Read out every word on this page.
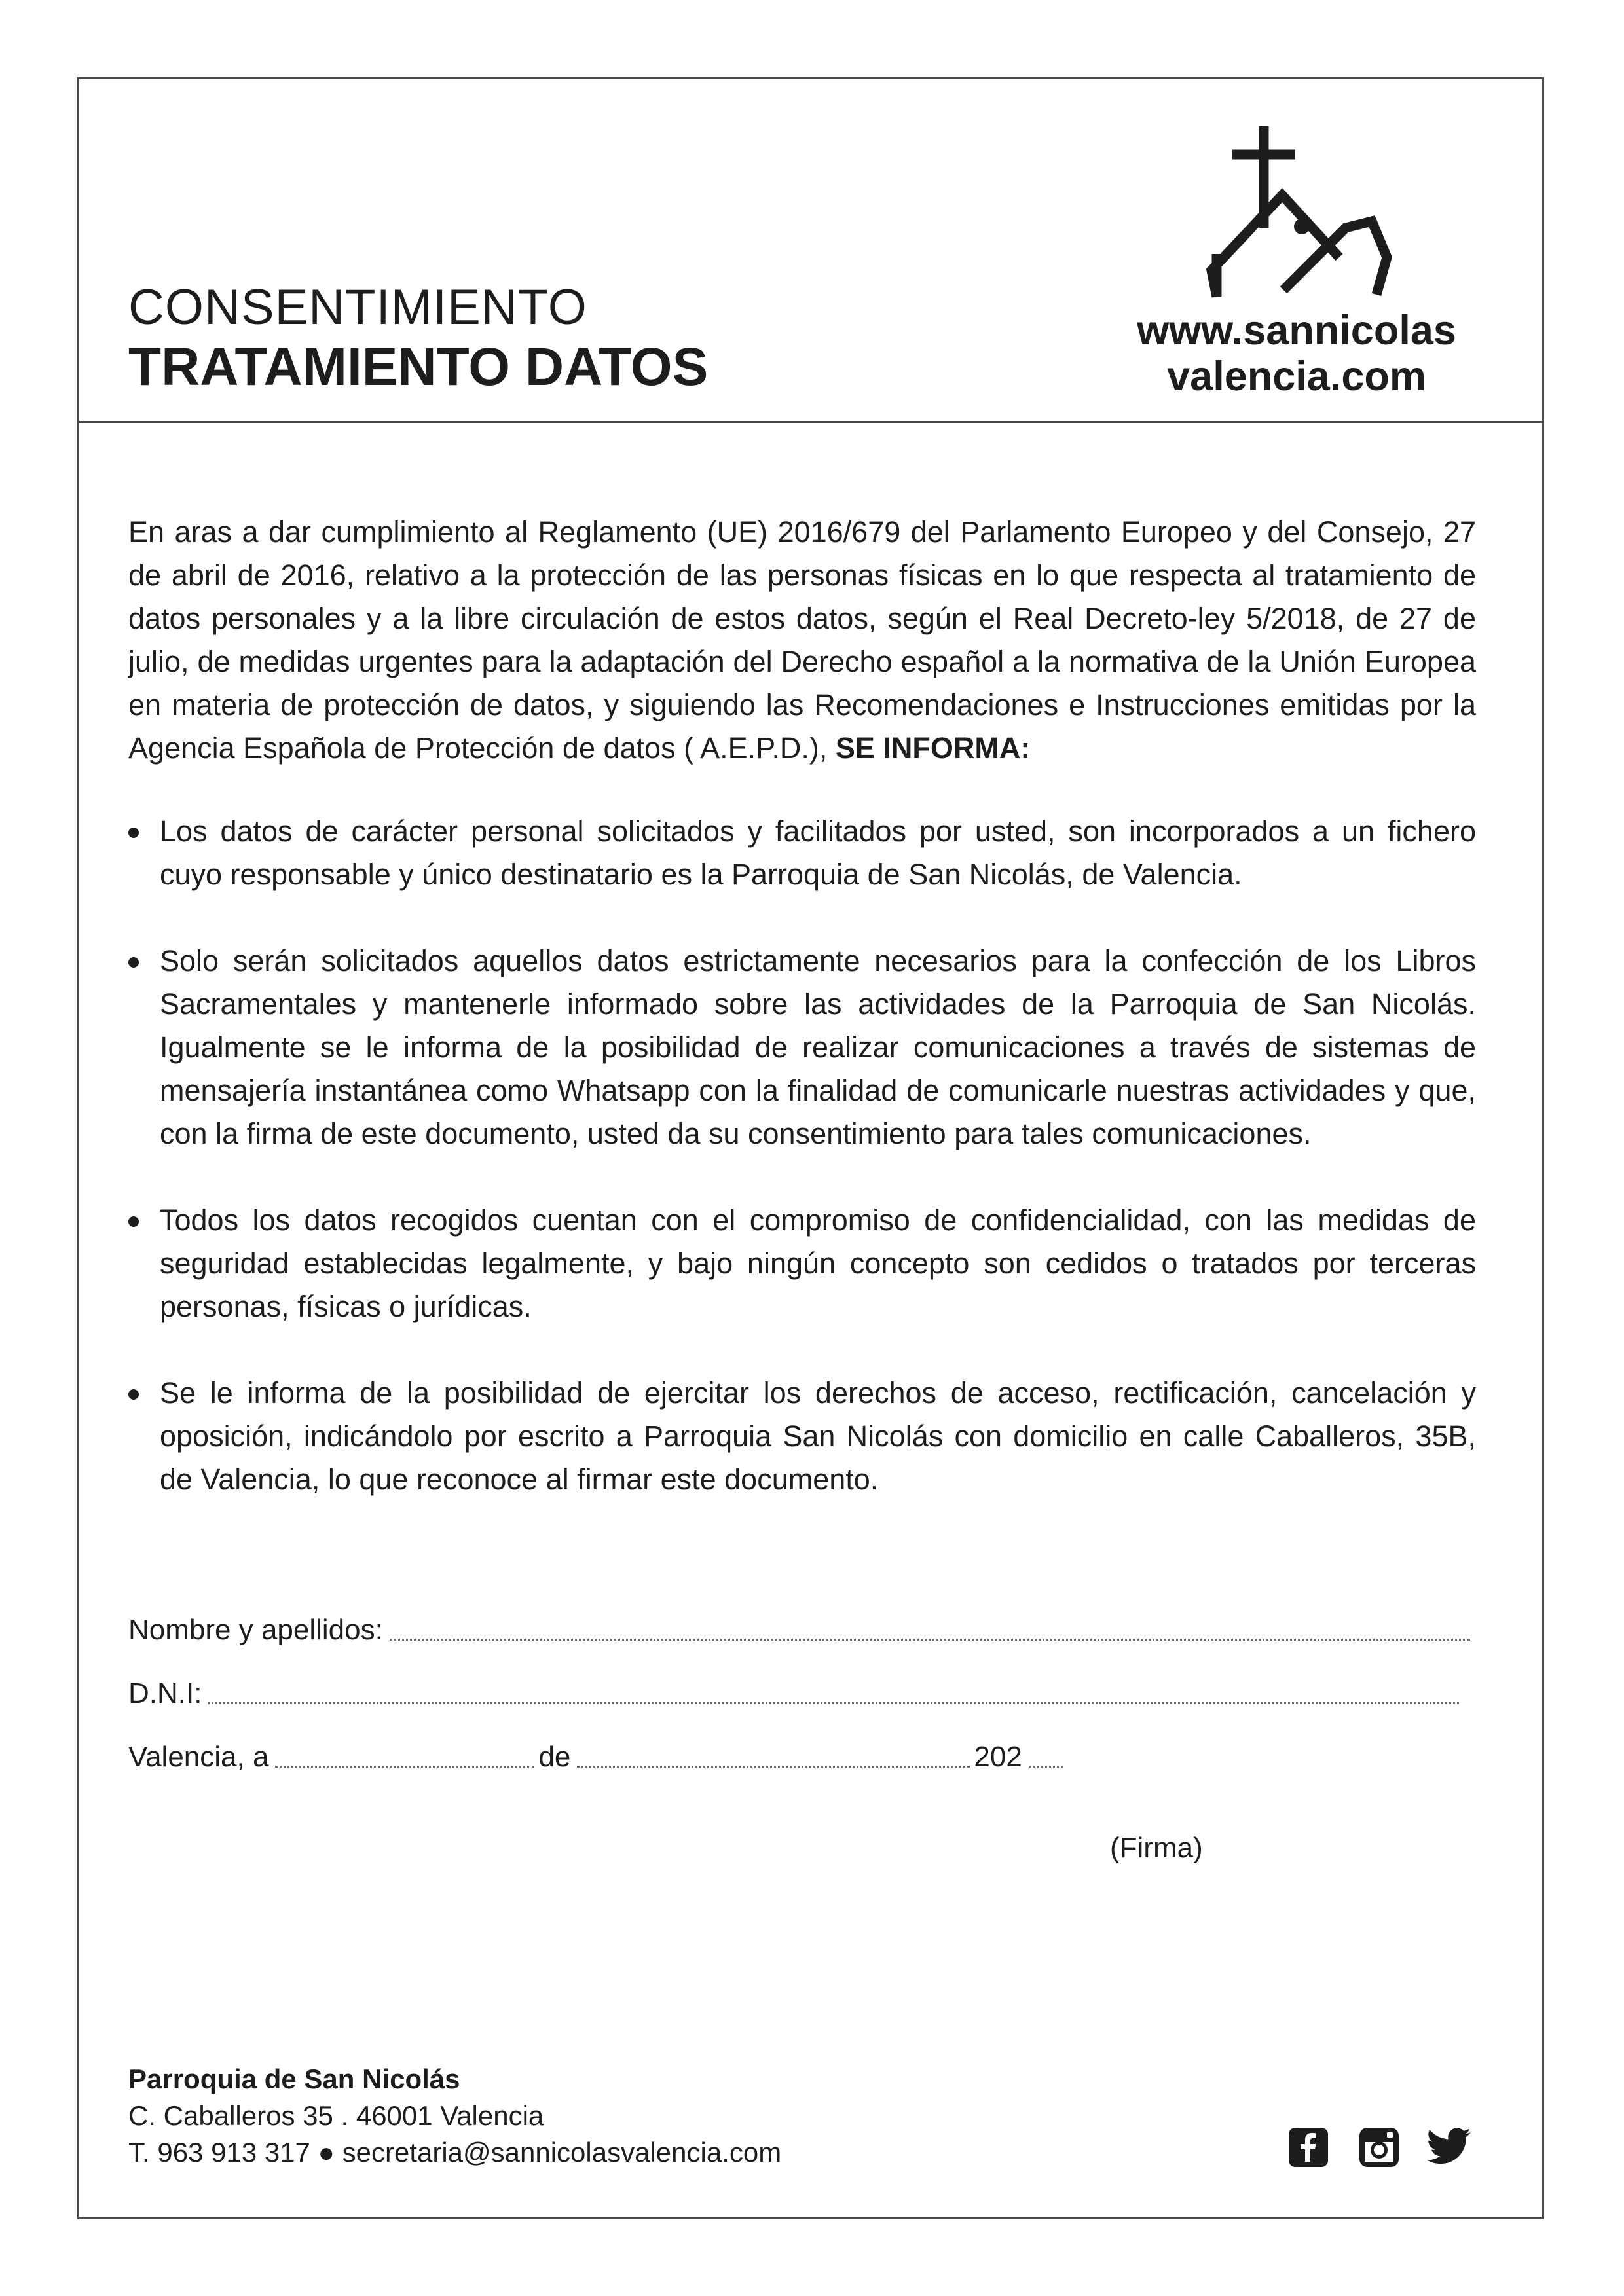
CONSENTIMIENTO
TRATAMIENTO DATOS
www.sannicolas
valencia.com

En aras a dar cumplimiento al Reglamento (UE) 2016/679 del Parlamento Europeo y del Consejo, 27 de abril de 2016, relativo a la protección de las personas físicas en lo que respecta al tratamiento de datos personales y a la libre circulación de estos datos, según el Real Decreto-ley 5/2018, de 27 de julio, de medidas urgentes para la adaptación del Derecho español a la normativa de la Unión Europea en materia de protección de datos, y siguiendo las Recomendaciones e Instrucciones emitidas por la Agencia Española de Protección de datos ( A.E.P.D.), SE INFORMA:

Los datos de carácter personal solicitados y facilitados por usted, son incorporados a un fichero cuyo responsable y único destinatario es la Parroquia de San Nicolás, de Valencia.
Solo serán solicitados aquellos datos estrictamente necesarios para la confección de los Libros Sacramentales y mantenerle informado sobre las actividades de la Parroquia de San Nicolás. Igualmente se le informa de la posibilidad de realizar comunicaciones a través de sistemas de mensajería instantánea como Whatsapp con la finalidad de comunicarle nuestras actividades y que, con la firma de este documento, usted da su consentimiento para tales comunicaciones.
Todos los datos recogidos cuentan con el compromiso de confidencialidad, con las medidas de seguridad establecidas legalmente, y bajo ningún concepto son cedidos o tratados por terceras personas, físicas o jurídicas.
Se le informa de la posibilidad de ejercitar los derechos de acceso, rectificación, cancelación y oposición, indicándolo por escrito a Parroquia San Nicolás con domicilio en calle Caballeros, 35B, de Valencia, lo que reconoce al firmar este documento.
Nombre y apellidos:
D.N.I:
Valencia, a	de	202
(Firma)
Parroquia de San Nicolás
C. Caballeros 35 . 46001 Valencia
T. 963 913 317 ● secretaria@sannicolasvalencia.com
